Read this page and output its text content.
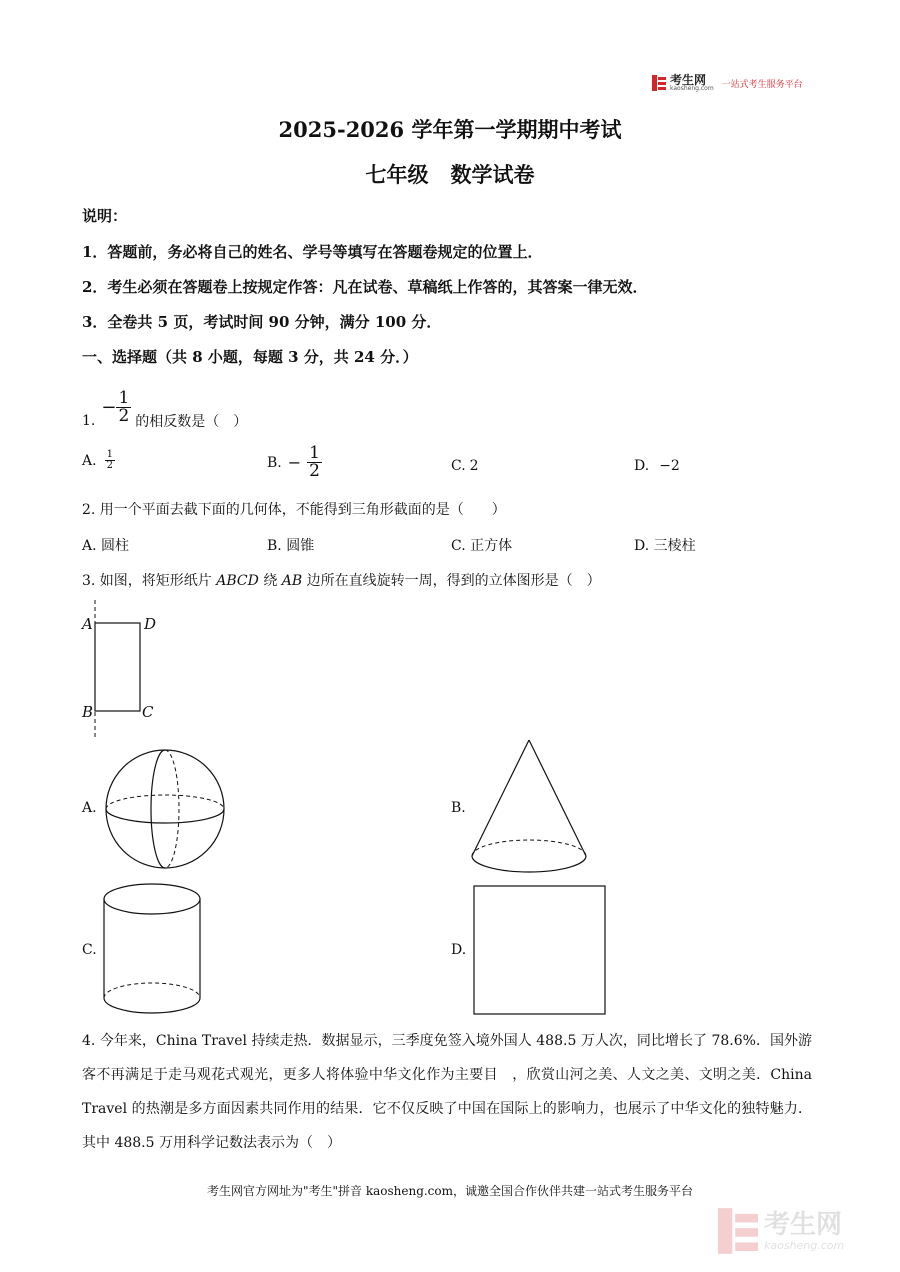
考生网
kaosheng.com 一站式考生服务平台
2025-2026 学年第一学期期中考试
七年级   数学试卷
说明：
1．答题前，务必将自己的姓名、学号等填写在答题卷规定的位置上．
2．考生必须在答题卷上按规定作答：凡在试卷、草稿纸上作答的，其答案一律无效．
3．全卷共 5 页，考试时间 90 分钟，满分 100 分．
一、选择题（共 8 小题，每题 3 分，共 24 分．）
1.
− $\frac{1}{2}$ 的相反数是（　）
A. $\frac{1}{2}$	B. − $\frac{1}{2}$	C. 2	D. −2
2. 用一个平面去截下面的几何体，不能得到三角形截面的是（　　）
A. 圆柱	B. 圆锥	C. 正方体	D. 三棱柱
3. 如图，将矩形纸片 ABCD 绕 AB 边所在直线旋转一周，得到的立体图形是（　）
A	D
B	C
A.	B.
C.	D.
4. 今年来，China Travel 持续走热．数据显示，三季度免签入境外国人 488.5 万人次，同比增长了 78.6%．国外游客不再满足于走马观花式观光，更多人将体验中华文化作为主要目　，欣赏山河之美、人文之美、文明之美．China Travel 的热潮是多方面因素共同作用的结果．它不仅反映了中国在国际上的影响力，也展示了中华文化的独特魅力．其中 488.5 万用科学记数法表示为（　）
考生网官方网址为"考生"拼音 kaosheng.com，诚邀全国合作伙伴共建一站式考生服务平台
考生网
kaosheng.com
